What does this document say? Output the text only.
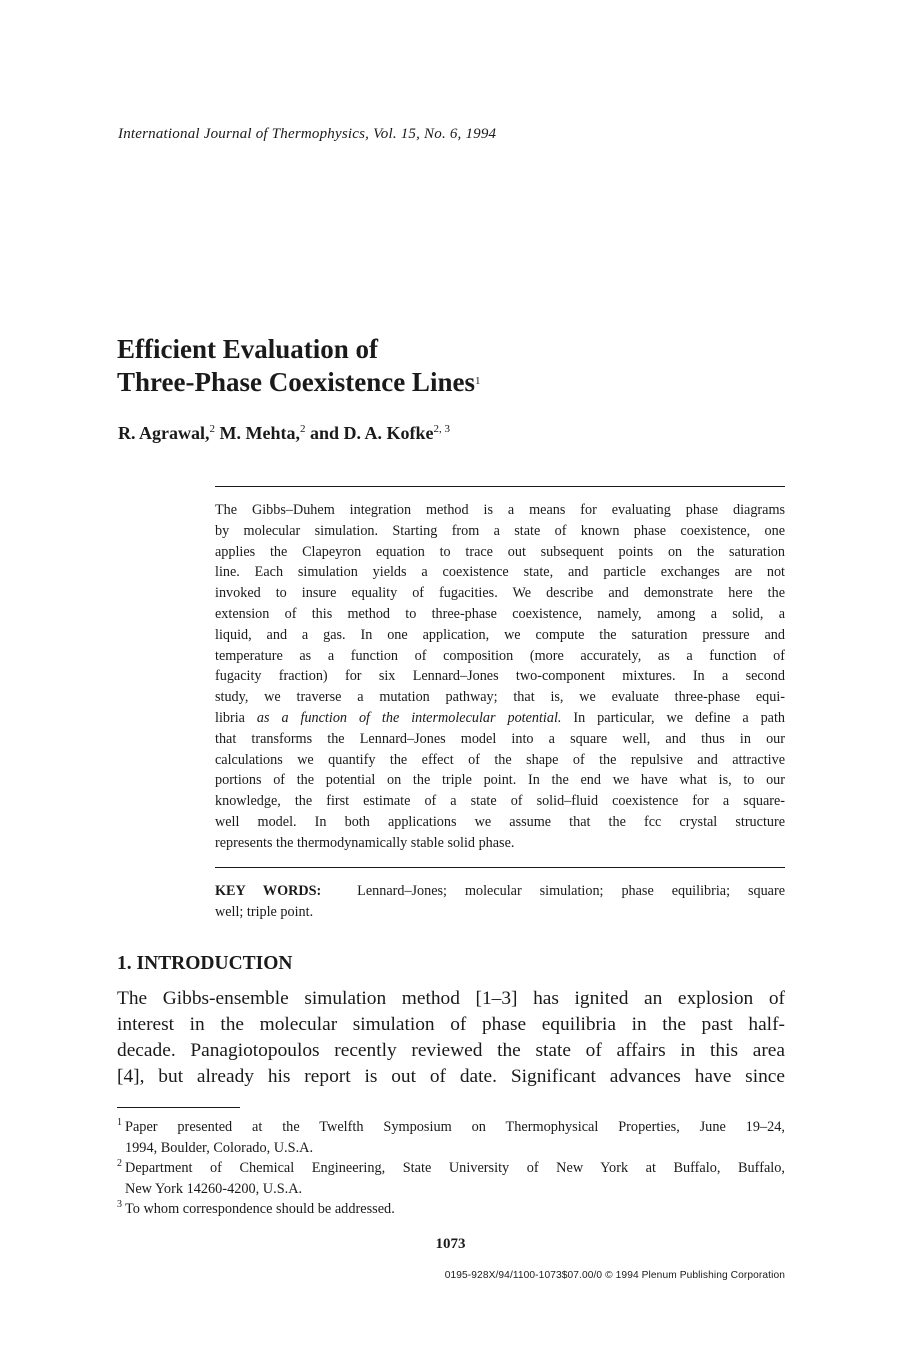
International Journal of Thermophysics, Vol. 15, No. 6, 1994
Efficient Evaluation of
Three-Phase Coexistence Lines$^1$
R. Agrawal,$^2$ M. Mehta,$^2$ and D. A. Kofke$^{2, 3}$
The Gibbs–Duhem integration method is a means for evaluating phase diagrams
by molecular simulation. Starting from a state of known phase coexistence, one
applies the Clapeyron equation to trace out subsequent points on the saturation
line. Each simulation yields a coexistence state, and particle exchanges are not
invoked to insure equality of fugacities. We describe and demonstrate here the
extension of this method to three-phase coexistence, namely, among a solid, a
liquid, and a gas. In one application, we compute the saturation pressure and
temperature as a function of composition (more accurately, as a function of
fugacity fraction) for six Lennard–Jones two-component mixtures. In a second
study, we traverse a mutation pathway; that is, we evaluate three-phase equi-
libria as a function of the intermolecular potential. In particular, we define a path
that transforms the Lennard–Jones model into a square well, and thus in our
calculations we quantify the effect of the shape of the repulsive and attractive
portions of the potential on the triple point. In the end we have what is, to our
knowledge, the first estimate of a state of solid–fluid coexistence for a square-
well model. In both applications we assume that the fcc crystal structure
represents the thermodynamically stable solid phase.
KEY WORDS:	Lennard–Jones; molecular simulation; phase equilibria; square
well; triple point.
1. INTRODUCTION
The Gibbs-ensemble simulation method [1–3] has ignited an explosion of
interest in the molecular simulation of phase equilibria in the past half-
decade. Panagiotopoulos recently reviewed the state of affairs in this area
[4], but already his report is out of date. Significant advances have since
1 Paper presented at the Twelfth Symposium on Thermophysical Properties, June 19–24,
1994, Boulder, Colorado, U.S.A.
2 Department of Chemical Engineering, State University of New York at Buffalo, Buffalo,
New York 14260-4200, U.S.A.
3 To whom correspondence should be addressed.
1073
0195-928X/94/1100-1073$07.00/0 © 1994 Plenum Publishing Corporation
